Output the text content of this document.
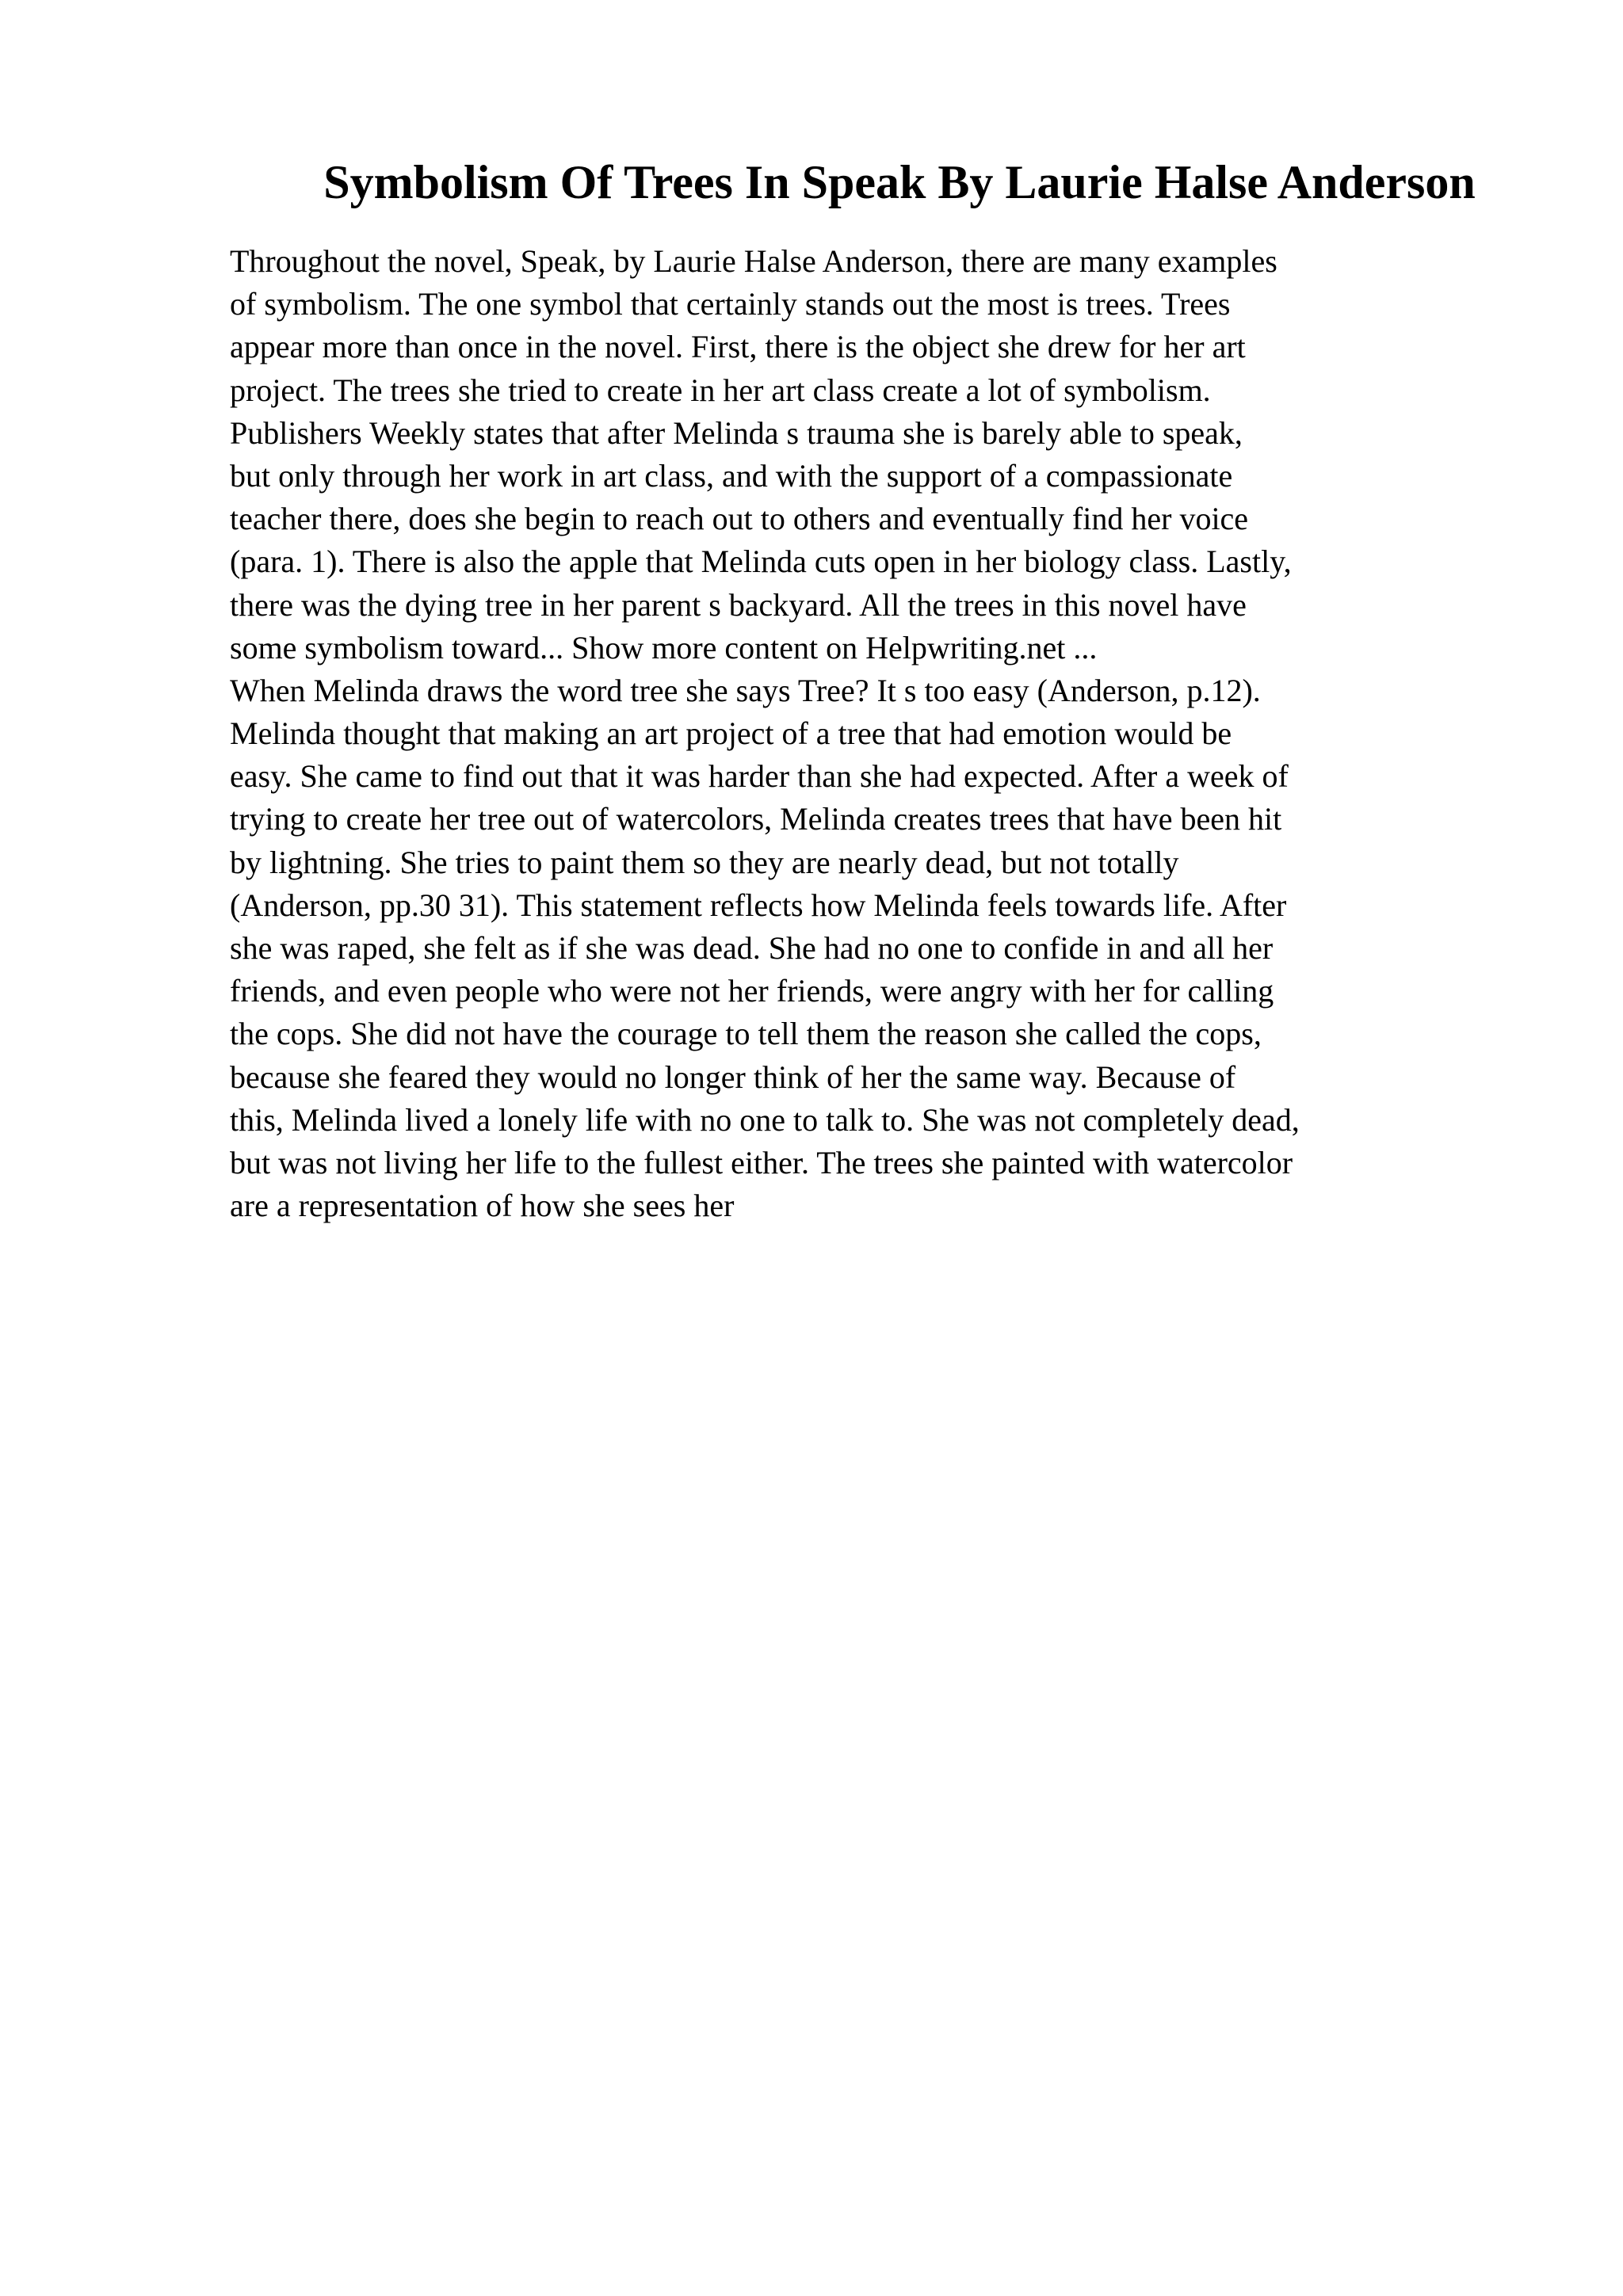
Symbolism Of Trees In Speak By Laurie Halse Anderson
Throughout the novel, Speak, by Laurie Halse Anderson, there are many examples
of symbolism. The one symbol that certainly stands out the most is trees. Trees
appear more than once in the novel. First, there is the object she drew for her art
project. The trees she tried to create in her art class create a lot of symbolism.
Publishers Weekly states that after Melinda s trauma she is barely able to speak,
but only through her work in art class, and with the support of a compassionate
teacher there, does she begin to reach out to others and eventually find her voice
(para. 1). There is also the apple that Melinda cuts open in her biology class. Lastly,
there was the dying tree in her parent s backyard. All the trees in this novel have
some symbolism toward... Show more content on Helpwriting.net ...
When Melinda draws the word tree she says Tree? It s too easy (Anderson, p.12).
Melinda thought that making an art project of a tree that had emotion would be
easy. She came to find out that it was harder than she had expected. After a week of
trying to create her tree out of watercolors, Melinda creates trees that have been hit
by lightning. She tries to paint them so they are nearly dead, but not totally
(Anderson, pp.30 31). This statement reflects how Melinda feels towards life. After
she was raped, she felt as if she was dead. She had no one to confide in and all her
friends, and even people who were not her friends, were angry with her for calling
the cops. She did not have the courage to tell them the reason she called the cops,
because she feared they would no longer think of her the same way. Because of
this, Melinda lived a lonely life with no one to talk to. She was not completely dead,
but was not living her life to the fullest either. The trees she painted with watercolor
are a representation of how she sees her
